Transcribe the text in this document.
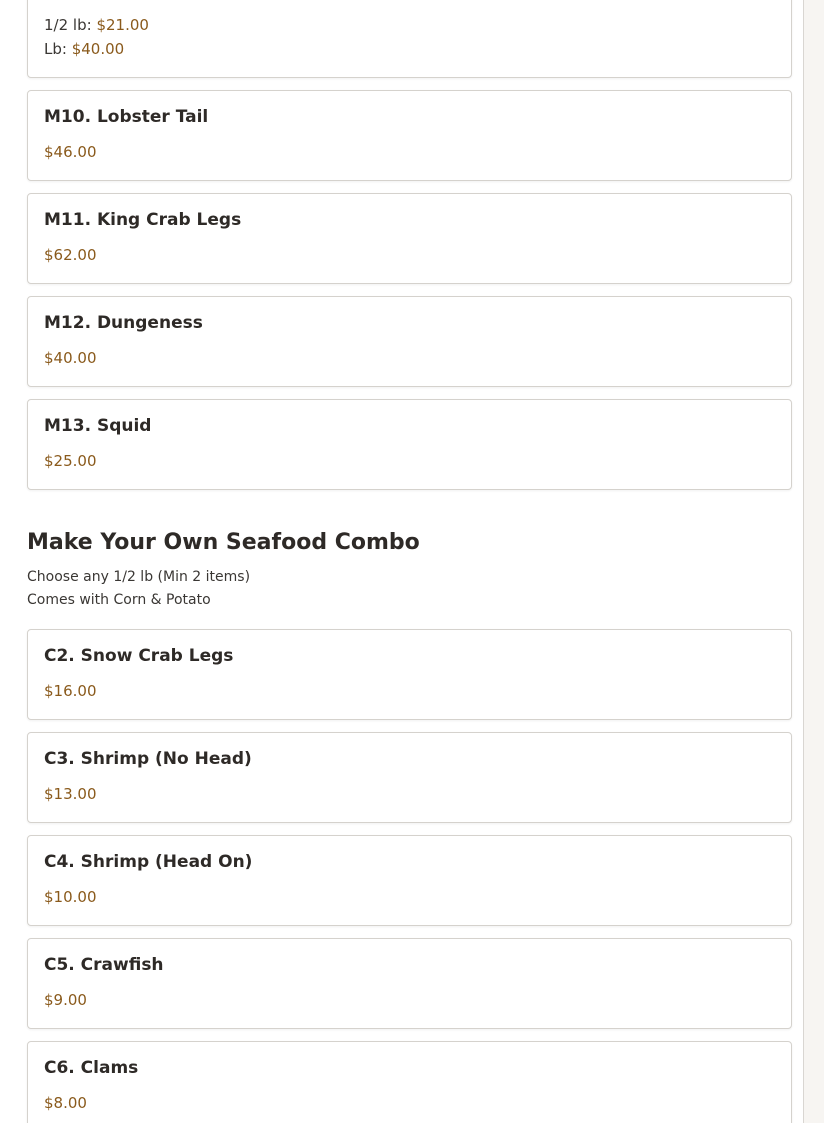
1/2 lb: $21.00
Lb: $40.00
M10. Lobster Tail
$46.00
M11. King Crab Legs
$62.00
M12. Dungeness
$40.00
M13. Squid
$25.00
Make Your Own Seafood Combo
Choose any 1/2 lb (Min 2 items)
Comes with Corn & Potato
C2. Snow Crab Legs
$16.00
C3. Shrimp (No Head)
$13.00
C4. Shrimp (Head On)
$10.00
C5. Crawfish
$9.00
C6. Clams
$8.00
